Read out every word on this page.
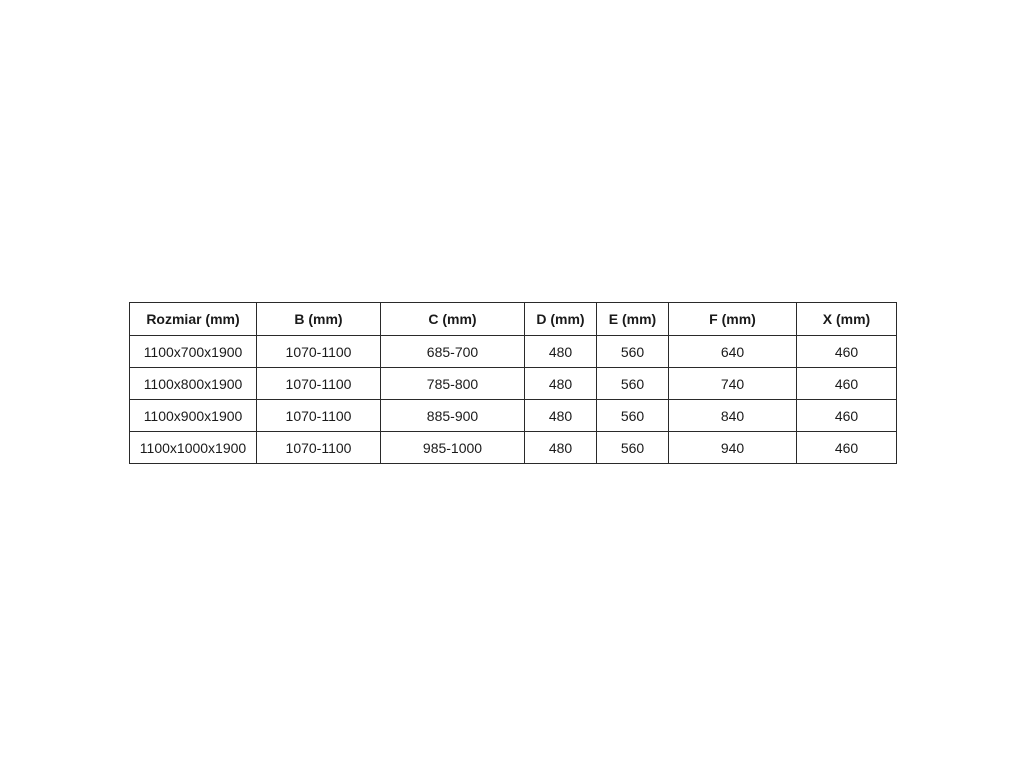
Rozmiar (mm)	B (mm)	C (mm)	D (mm)	E (mm)	F (mm)	X (mm)
1100x700x1900	1070-1100	685-700	480	560	640	460
1100x800x1900	1070-1100	785-800	480	560	740	460
1100x900x1900	1070-1100	885-900	480	560	840	460
1100x1000x1900	1070-1100	985-1000	480	560	940	460
